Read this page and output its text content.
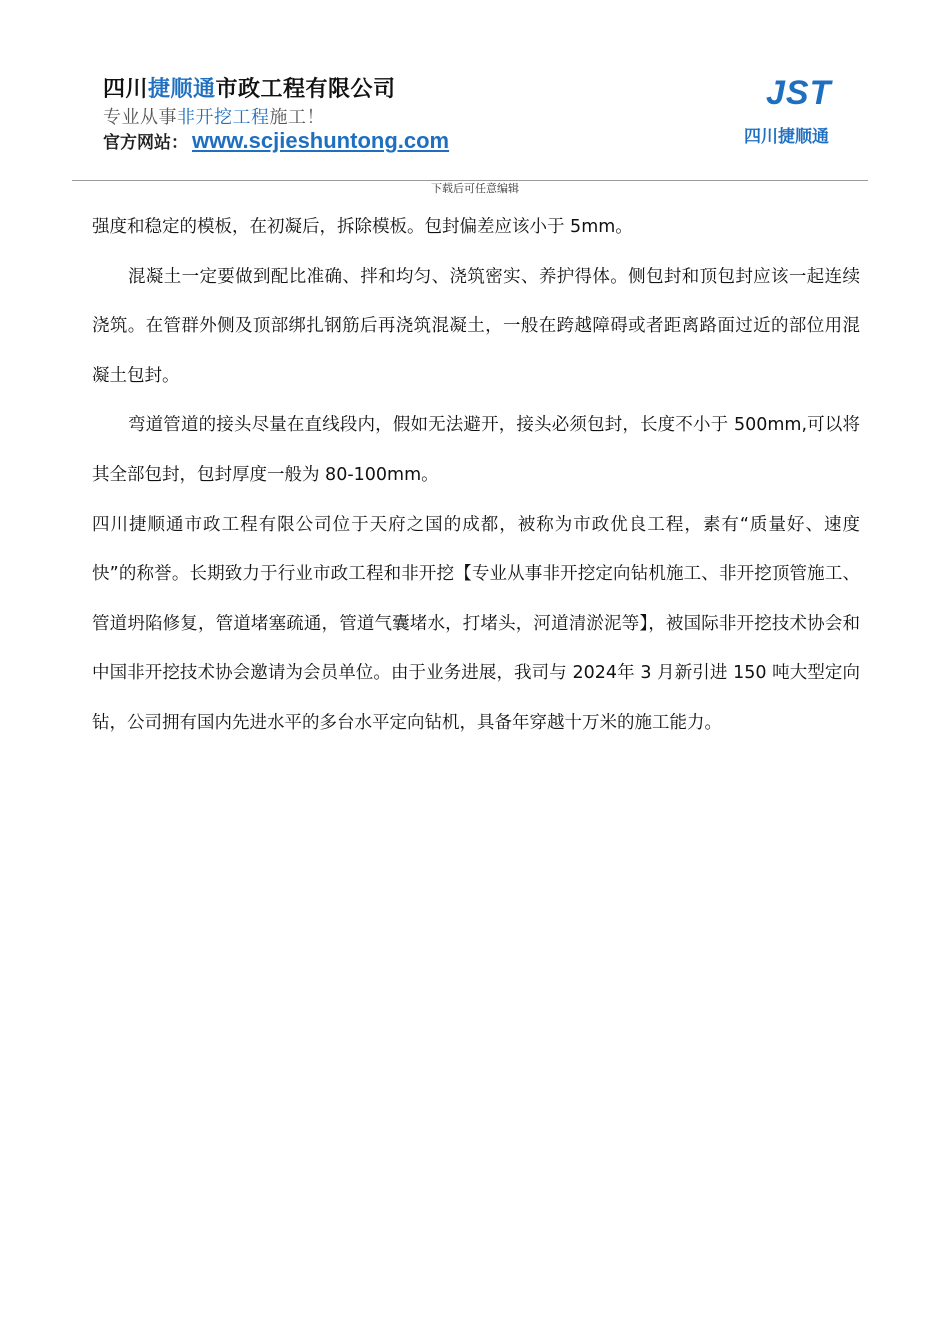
四川捷顺通市政工程有限公司
专业从事非开挖工程施工！
官方网站： www.scjieshuntong.com
JST
四川捷顺通
下载后可任意编辑

强度和稳定的模板，在初凝后，拆除模板。包封偏差应该小于 5mm。

混凝土一定要做到配比准确、拌和均匀、浇筑密实、养护得体。侧包封和顶包封应该一起连续浇筑。在管群外侧及顶部绑扎钢筋后再浇筑混凝土，一般在跨越障碍或者距离路面过近的部位用混凝土包封。

弯道管道的接头尽量在直线段内，假如无法避开，接头必须包封，长度不小于 500mm,可以将其全部包封，包封厚度一般为 80-100mm。

四川捷顺通市政工程有限公司位于天府之国的成都，被称为市政优良工程，素有“质量好、速度快”的称誉。长期致力于行业市政工程和非开挖【专业从事非开挖定向钻机施工、非开挖顶管施工、管道坍陷修复，管道堵塞疏通，管道气囊堵水，打堵头，河道清淤泥等】，被国际非开挖技术协会和中国非开挖技术协会邀请为会员单位。由于业务进展，我司与 2024年 3 月新引进 150 吨大型定向钻，公司拥有国内先进水平的多台水平定向钻机，具备年穿越十万米的施工能力。
